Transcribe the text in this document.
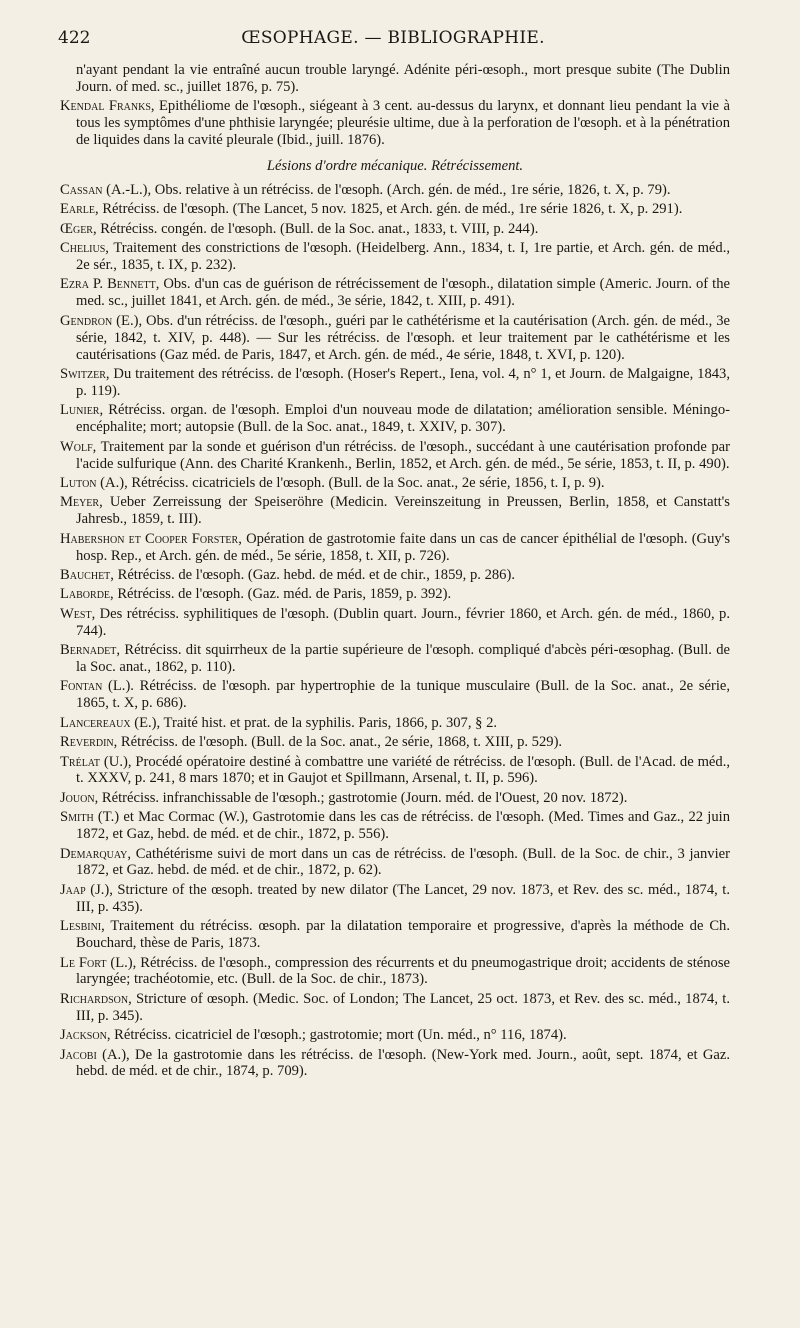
422	ŒSOPHAGE. — BIBLIOGRAPHIE.

n'ayant pendant la vie entraîné aucun trouble laryngé. Adénite péri-œsoph., mort presque subite (The Dublin Journ. of med. sc., juillet 1876, p. 75).

Kendal Franks, Epithéliome de l'œsoph., siégeant à 3 cent. au-dessus du larynx, et donnant lieu pendant la vie à tous les symptômes d'une phthisie laryngée; pleurésie ultime, due à la perforation de l'œsoph. et à la pénétration de liquides dans la cavité pleurale (Ibid., juill. 1876).

Lésions d'ordre mécanique. Rétrécissement.

Cassan (A.-L.), Obs. relative à un rétréciss. de l'œsoph. (Arch. gén. de méd., 1re série, 1826, t. X, p. 79).

Earle, Rétréciss. de l'œsoph. (The Lancet, 5 nov. 1825, et Arch. gén. de méd., 1re série 1826, t. X, p. 291).

Œger, Rétréciss. congén. de l'œsoph. (Bull. de la Soc. anat., 1833, t. VIII, p. 244).

Chelius, Traitement des constrictions de l'œsoph. (Heidelberg. Ann., 1834, t. I, 1re partie, et Arch. gén. de méd., 2e sér., 1835, t. IX, p. 232).

Ezra P. Bennett, Obs. d'un cas de guérison de rétrécissement de l'œsoph., dilatation simple (Americ. Journ. of the med. sc., juillet 1841, et Arch. gén. de méd., 3e série, 1842, t. XIII, p. 491).

Gendron (E.), Obs. d'un rétréciss. de l'œsoph., guéri par le cathétérisme et la cautérisation (Arch. gén. de méd., 3e série, 1842, t. XIV, p. 448). — Sur les rétréciss. de l'œsoph. et leur traitement par le cathétérisme et les cautérisations (Gaz méd. de Paris, 1847, et Arch. gén. de méd., 4e série, 1848, t. XVI, p. 120).

Switzer, Du traitement des rétréciss. de l'œsoph. (Hoser's Repert., Iena, vol. 4, n° 1, et Journ. de Malgaigne, 1843, p. 119).

Lunier, Rétréciss. organ. de l'œsoph. Emploi d'un nouveau mode de dilatation; amélioration sensible. Méningo-encéphalite; mort; autopsie (Bull. de la Soc. anat., 1849, t. XXIV, p. 307).

Wolf, Traitement par la sonde et guérison d'un rétréciss. de l'œsoph., succédant à une cautérisation profonde par l'acide sulfurique (Ann. des Charité Krankenh., Berlin, 1852, et Arch. gén. de méd., 5e série, 1853, t. II, p. 490).

Luton (A.), Rétréciss. cicatriciels de l'œsoph. (Bull. de la Soc. anat., 2e série, 1856, t. I, p. 9).

Meyer, Ueber Zerreissung der Speiseröhre (Medicin. Vereinszeitung in Preussen, Berlin, 1858, et Canstatt's Jahresb., 1859, t. III).

Habershon et Cooper Forster, Opération de gastrotomie faite dans un cas de cancer épithélial de l'œsoph. (Guy's hosp. Rep., et Arch. gén. de méd., 5e série, 1858, t. XII, p. 726).

Bauchet, Rétréciss. de l'œsoph. (Gaz. hebd. de méd. et de chir., 1859, p. 286).

Laborde, Rétréciss. de l'œsoph. (Gaz. méd. de Paris, 1859, p. 392).

West, Des rétréciss. syphilitiques de l'œsoph. (Dublin quart. Journ., février 1860, et Arch. gén. de méd., 1860, p. 744).

Bernadet, Rétréciss. dit squirrheux de la partie supérieure de l'œsoph. compliqué d'abcès péri-œsophag. (Bull. de la Soc. anat., 1862, p. 110).

Fontan (L.). Rétréciss. de l'œsoph. par hypertrophie de la tunique musculaire (Bull. de la Soc. anat., 2e série, 1865, t. X, p. 686).

Lancereaux (E.), Traité hist. et prat. de la syphilis. Paris, 1866, p. 307, § 2.

Reverdin, Rétréciss. de l'œsoph. (Bull. de la Soc. anat., 2e série, 1868, t. XIII, p. 529).

Trélat (U.), Procédé opératoire destiné à combattre une variété de rétréciss. de l'œsoph. (Bull. de l'Acad. de méd., t. XXXV, p. 241, 8 mars 1870; et in Gaujot et Spillmann, Arsenal, t. II, p. 596).

Jouon, Rétréciss. infranchissable de l'œsoph.; gastrotomie (Journ. méd. de l'Ouest, 20 nov. 1872).

Smith (T.) et Mac Cormac (W.), Gastrotomie dans les cas de rétréciss. de l'œsoph. (Med. Times and Gaz., 22 juin 1872, et Gaz, hebd. de méd. et de chir., 1872, p. 556).

Demarquay, Cathétérisme suivi de mort dans un cas de rétréciss. de l'œsoph. (Bull. de la Soc. de chir., 3 janvier 1872, et Gaz. hebd. de méd. et de chir., 1872, p. 62).

Jaap (J.), Stricture of the œsoph. treated by new dilator (The Lancet, 29 nov. 1873, et Rev. des sc. méd., 1874, t. III, p. 435).

Lesbini, Traitement du rétréciss. œsoph. par la dilatation temporaire et progressive, d'après la méthode de Ch. Bouchard, thèse de Paris, 1873.

Le Fort (L.), Rétréciss. de l'œsoph., compression des récurrents et du pneumogastrique droit; accidents de sténose laryngée; trachéotomie, etc. (Bull. de la Soc. de chir., 1873).

Richardson, Stricture of œsoph. (Medic. Soc. of London; The Lancet, 25 oct. 1873, et Rev. des sc. méd., 1874, t. III, p. 345).

Jackson, Rétréciss. cicatriciel de l'œsoph.; gastrotomie; mort (Un. méd., n° 116, 1874).

Jacobi (A.), De la gastrotomie dans les rétréciss. de l'œsoph. (New-York med. Journ., août, sept. 1874, et Gaz. hebd. de méd. et de chir., 1874, p. 709).
